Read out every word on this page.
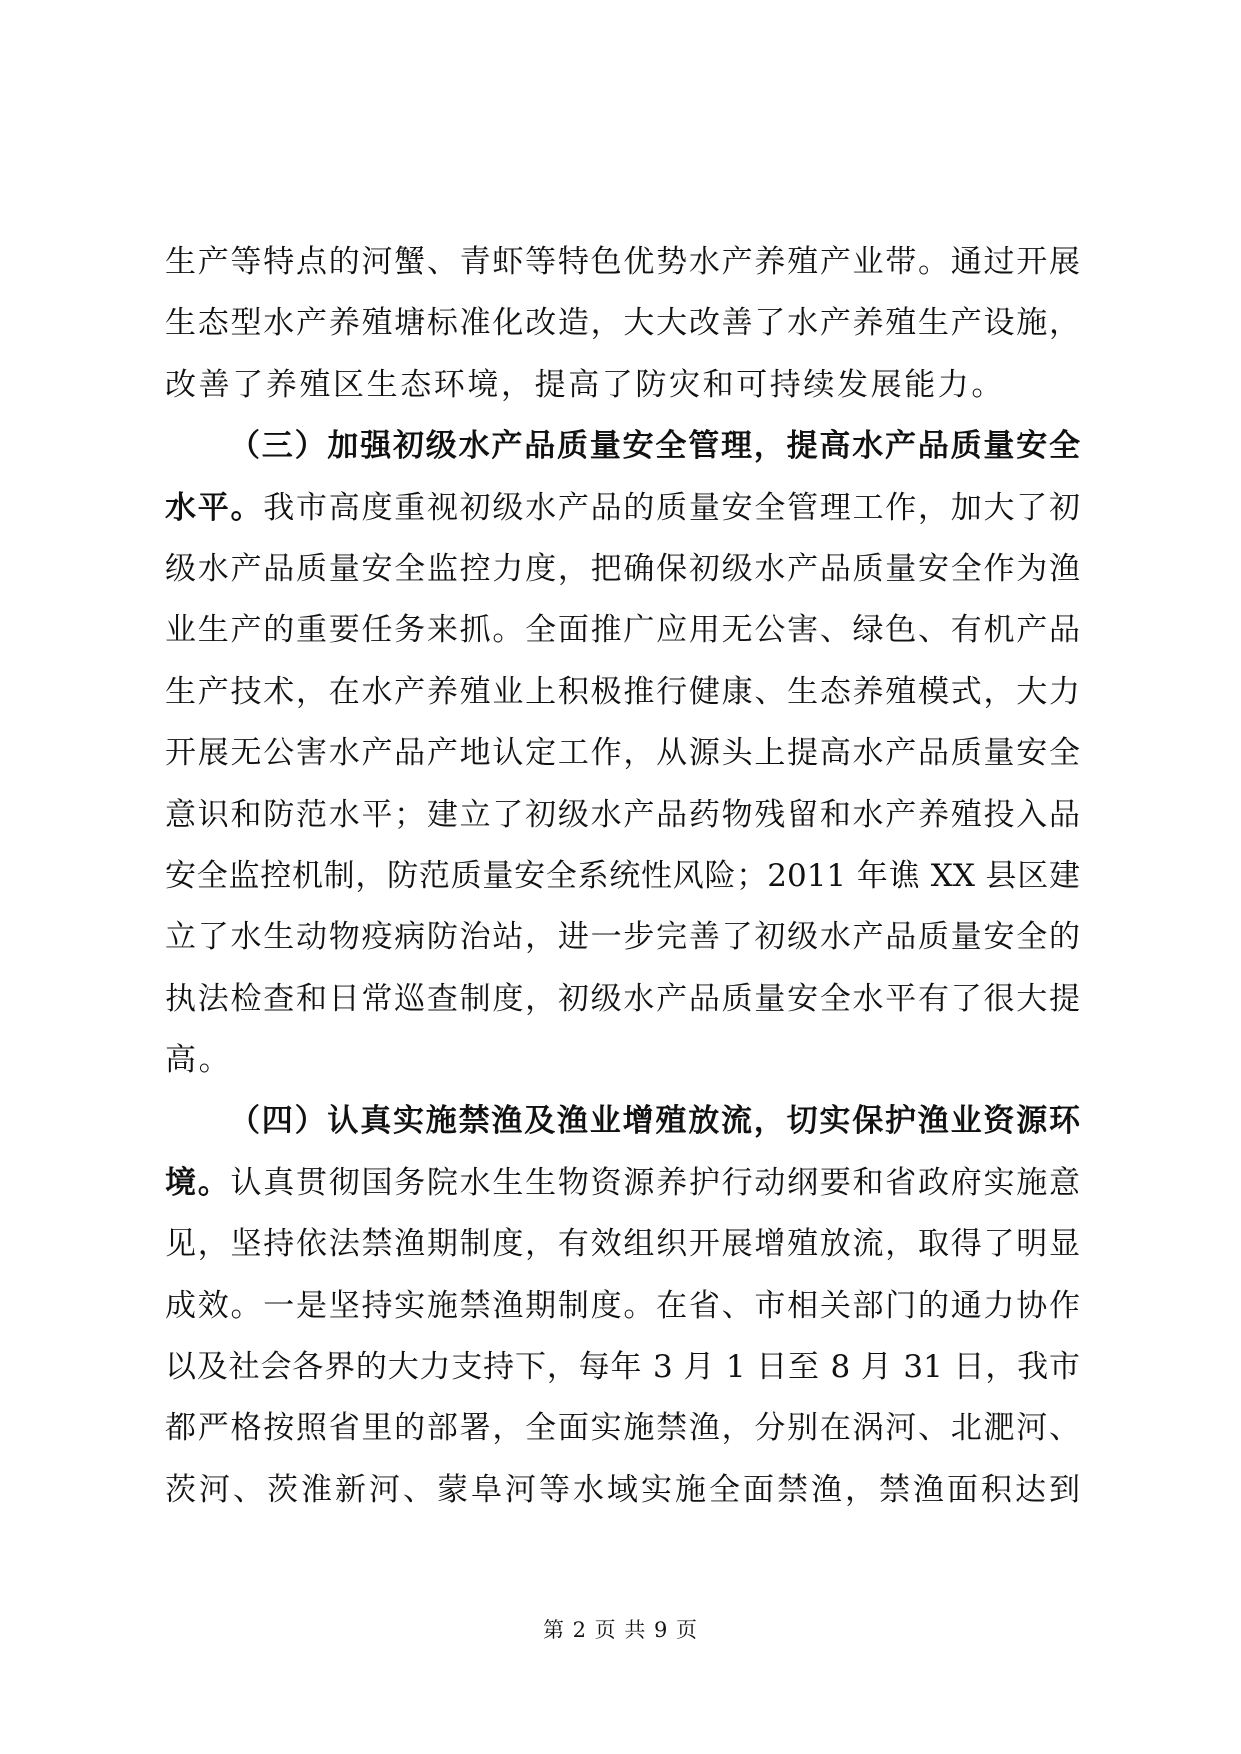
生产等特点的河蟹、青虾等特色优势水产养殖产业带。通过开展
生态型水产养殖塘标准化改造，大大改善了水产养殖生产设施，
改善了养殖区生态环境，提高了防灾和可持续发展能力。
（三）加强初级水产品质量安全管理，提高水产品质量安全
水平。我市高度重视初级水产品的质量安全管理工作，加大了初
级水产品质量安全监控力度，把确保初级水产品质量安全作为渔
业生产的重要任务来抓。全面推广应用无公害、绿色、有机产品
生产技术，在水产养殖业上积极推行健康、生态养殖模式，大力
开展无公害水产品产地认定工作，从源头上提高水产品质量安全
意识和防范水平；建立了初级水产品药物残留和水产养殖投入品
安全监控机制，防范质量安全系统性风险；2011 年谯 XX 县区建
立了水生动物疫病防治站，进一步完善了初级水产品质量安全的
执法检查和日常巡查制度，初级水产品质量安全水平有了很大提
高。
（四）认真实施禁渔及渔业增殖放流，切实保护渔业资源环
境。认真贯彻国务院水生生物资源养护行动纲要和省政府实施意
见，坚持依法禁渔期制度，有效组织开展增殖放流，取得了明显
成效。一是坚持实施禁渔期制度。在省、市相关部门的通力协作
以及社会各界的大力支持下，每年 3 月 1 日至 8 月 31 日，我市
都严格按照省里的部署，全面实施禁渔，分别在涡河、北淝河、
茨河、茨淮新河、蒙阜河等水域实施全面禁渔，禁渔面积达到
第 2 页 共 9 页
